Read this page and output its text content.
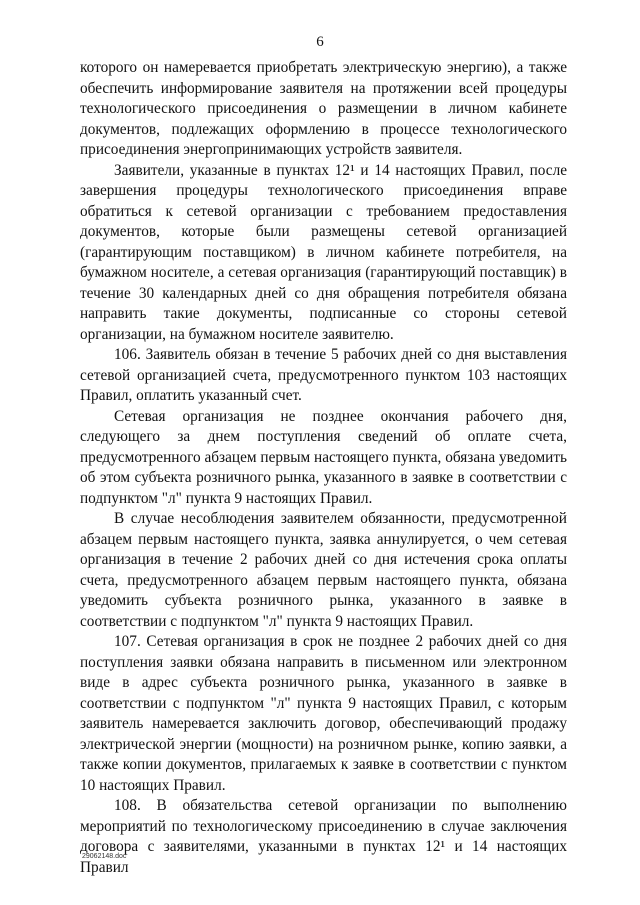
6

которого он намеревается приобретать электрическую энергию), а также обеспечить информирование заявителя на протяжении всей процедуры технологического присоединения о размещении в личном кабинете документов, подлежащих оформлению в процессе технологического присоединения энергопринимающих устройств заявителя.

Заявители, указанные в пунктах 12¹ и 14 настоящих Правил, после завершения процедуры технологического присоединения вправе обратиться к сетевой организации с требованием предоставления документов, которые были размещены сетевой организацией (гарантирующим поставщиком) в личном кабинете потребителя, на бумажном носителе, а сетевая организация (гарантирующий поставщик) в течение 30 календарных дней со дня обращения потребителя обязана направить такие документы, подписанные со стороны сетевой организации, на бумажном носителе заявителю.

106. Заявитель обязан в течение 5 рабочих дней со дня выставления сетевой организацией счета, предусмотренного пунктом 103 настоящих Правил, оплатить указанный счет.

Сетевая организация не позднее окончания рабочего дня, следующего за днем поступления сведений об оплате счета, предусмотренного абзацем первым настоящего пункта, обязана уведомить об этом субъекта розничного рынка, указанного в заявке в соответствии с подпунктом "л" пункта 9 настоящих Правил.

В случае несоблюдения заявителем обязанности, предусмотренной абзацем первым настоящего пункта, заявка аннулируется, о чем сетевая организация в течение 2 рабочих дней со дня истечения срока оплаты счета, предусмотренного абзацем первым настоящего пункта, обязана уведомить субъекта розничного рынка, указанного в заявке в соответствии с подпунктом "л" пункта 9 настоящих Правил.

107. Сетевая организация в срок не позднее 2 рабочих дней со дня поступления заявки обязана направить в письменном или электронном виде в адрес субъекта розничного рынка, указанного в заявке в соответствии с подпунктом "л" пункта 9 настоящих Правил, с которым заявитель намеревается заключить договор, обеспечивающий продажу электрической энергии (мощности) на розничном рынке, копию заявки, а также копии документов, прилагаемых к заявке в соответствии с пунктом 10 настоящих Правил.

108. В обязательства сетевой организации по выполнению мероприятий по технологическому присоединению в случае заключения договора с заявителями, указанными в пунктах 12¹ и 14 настоящих Правил

29062148.doc
